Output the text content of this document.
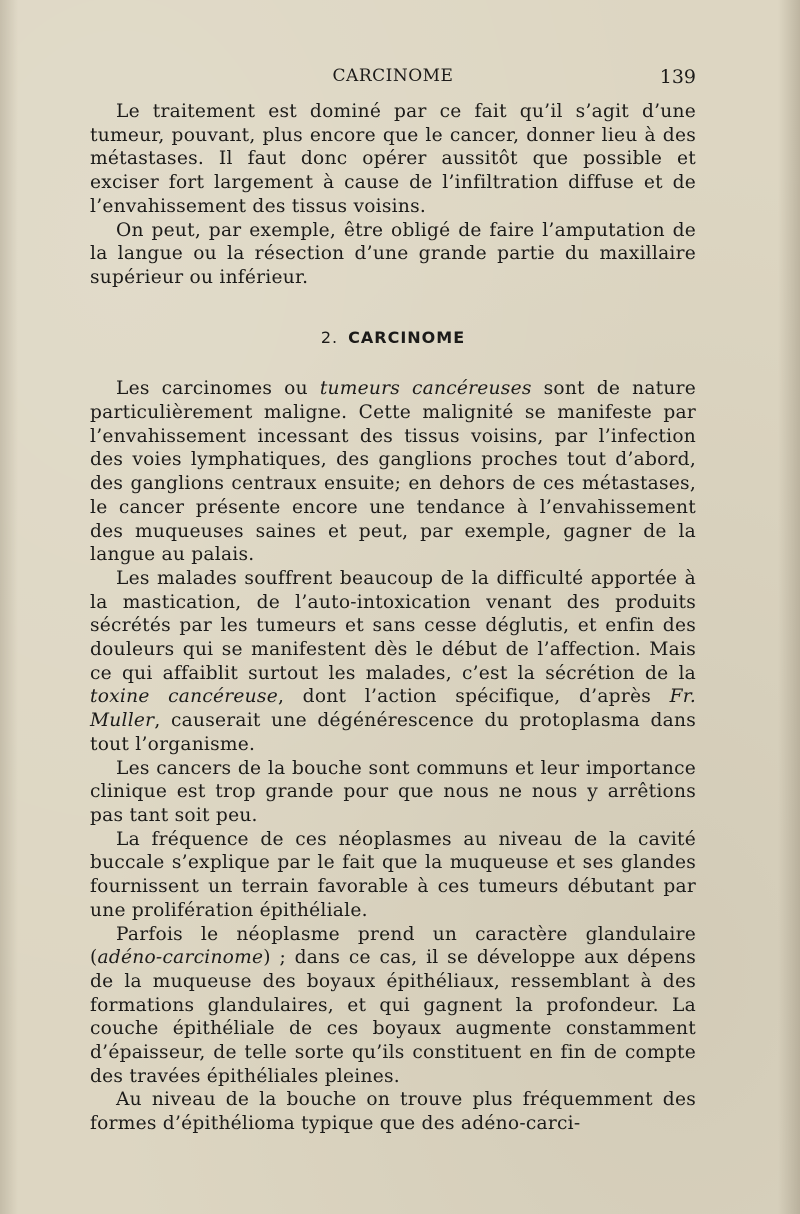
CARCINOME	139

Le traitement est dominé par ce fait qu’il s’agit d’une tumeur, pouvant, plus encore que le cancer, donner lieu à des métastases. Il faut donc opérer aussitôt que possible et exciser fort largement à cause de l’infiltration diffuse et de l’envahissement des tissus voisins.

On peut, par exemple, être obligé de faire l’amputation de la langue ou la résection d’une grande partie du maxillaire supérieur ou inférieur.

2. CARCINOME

Les carcinomes ou tumeurs cancéreuses sont de nature particulièrement maligne. Cette malignité se manifeste par l’envahissement incessant des tissus voisins, par l’infection des voies lymphatiques, des ganglions proches tout d’abord, des ganglions centraux ensuite; en dehors de ces métastases, le cancer présente encore une tendance à l’envahissement des muqueuses saines et peut, par exemple, gagner de la langue au palais.

Les malades souffrent beaucoup de la difficulté apportée à la mastication, de l’auto-intoxication venant des produits sécrétés par les tumeurs et sans cesse déglutis, et enfin des douleurs qui se manifestent dès le début de l’affection. Mais ce qui affaiblit surtout les malades, c’est la sécrétion de la toxine cancéreuse, dont l’action spécifique, d’après Fr. Muller, causerait une dégénérescence du protoplasma dans tout l’organisme.

Les cancers de la bouche sont communs et leur importance clinique est trop grande pour que nous ne nous y arrêtions pas tant soit peu.

La fréquence de ces néoplasmes au niveau de la cavité buccale s’explique par le fait que la muqueuse et ses glandes fournissent un terrain favorable à ces tumeurs débutant par une prolifération épithéliale.

Parfois le néoplasme prend un caractère glandulaire (adéno-carcinome) ; dans ce cas, il se développe aux dépens de la muqueuse des boyaux épithéliaux, ressemblant à des formations glandulaires, et qui gagnent la profondeur. La couche épithéliale de ces boyaux augmente constamment d’épaisseur, de telle sorte qu’ils constituent en fin de compte des travées épithéliales pleines.

Au niveau de la bouche on trouve plus fréquemment des formes d’épithélioma typique que des adéno-carci-
